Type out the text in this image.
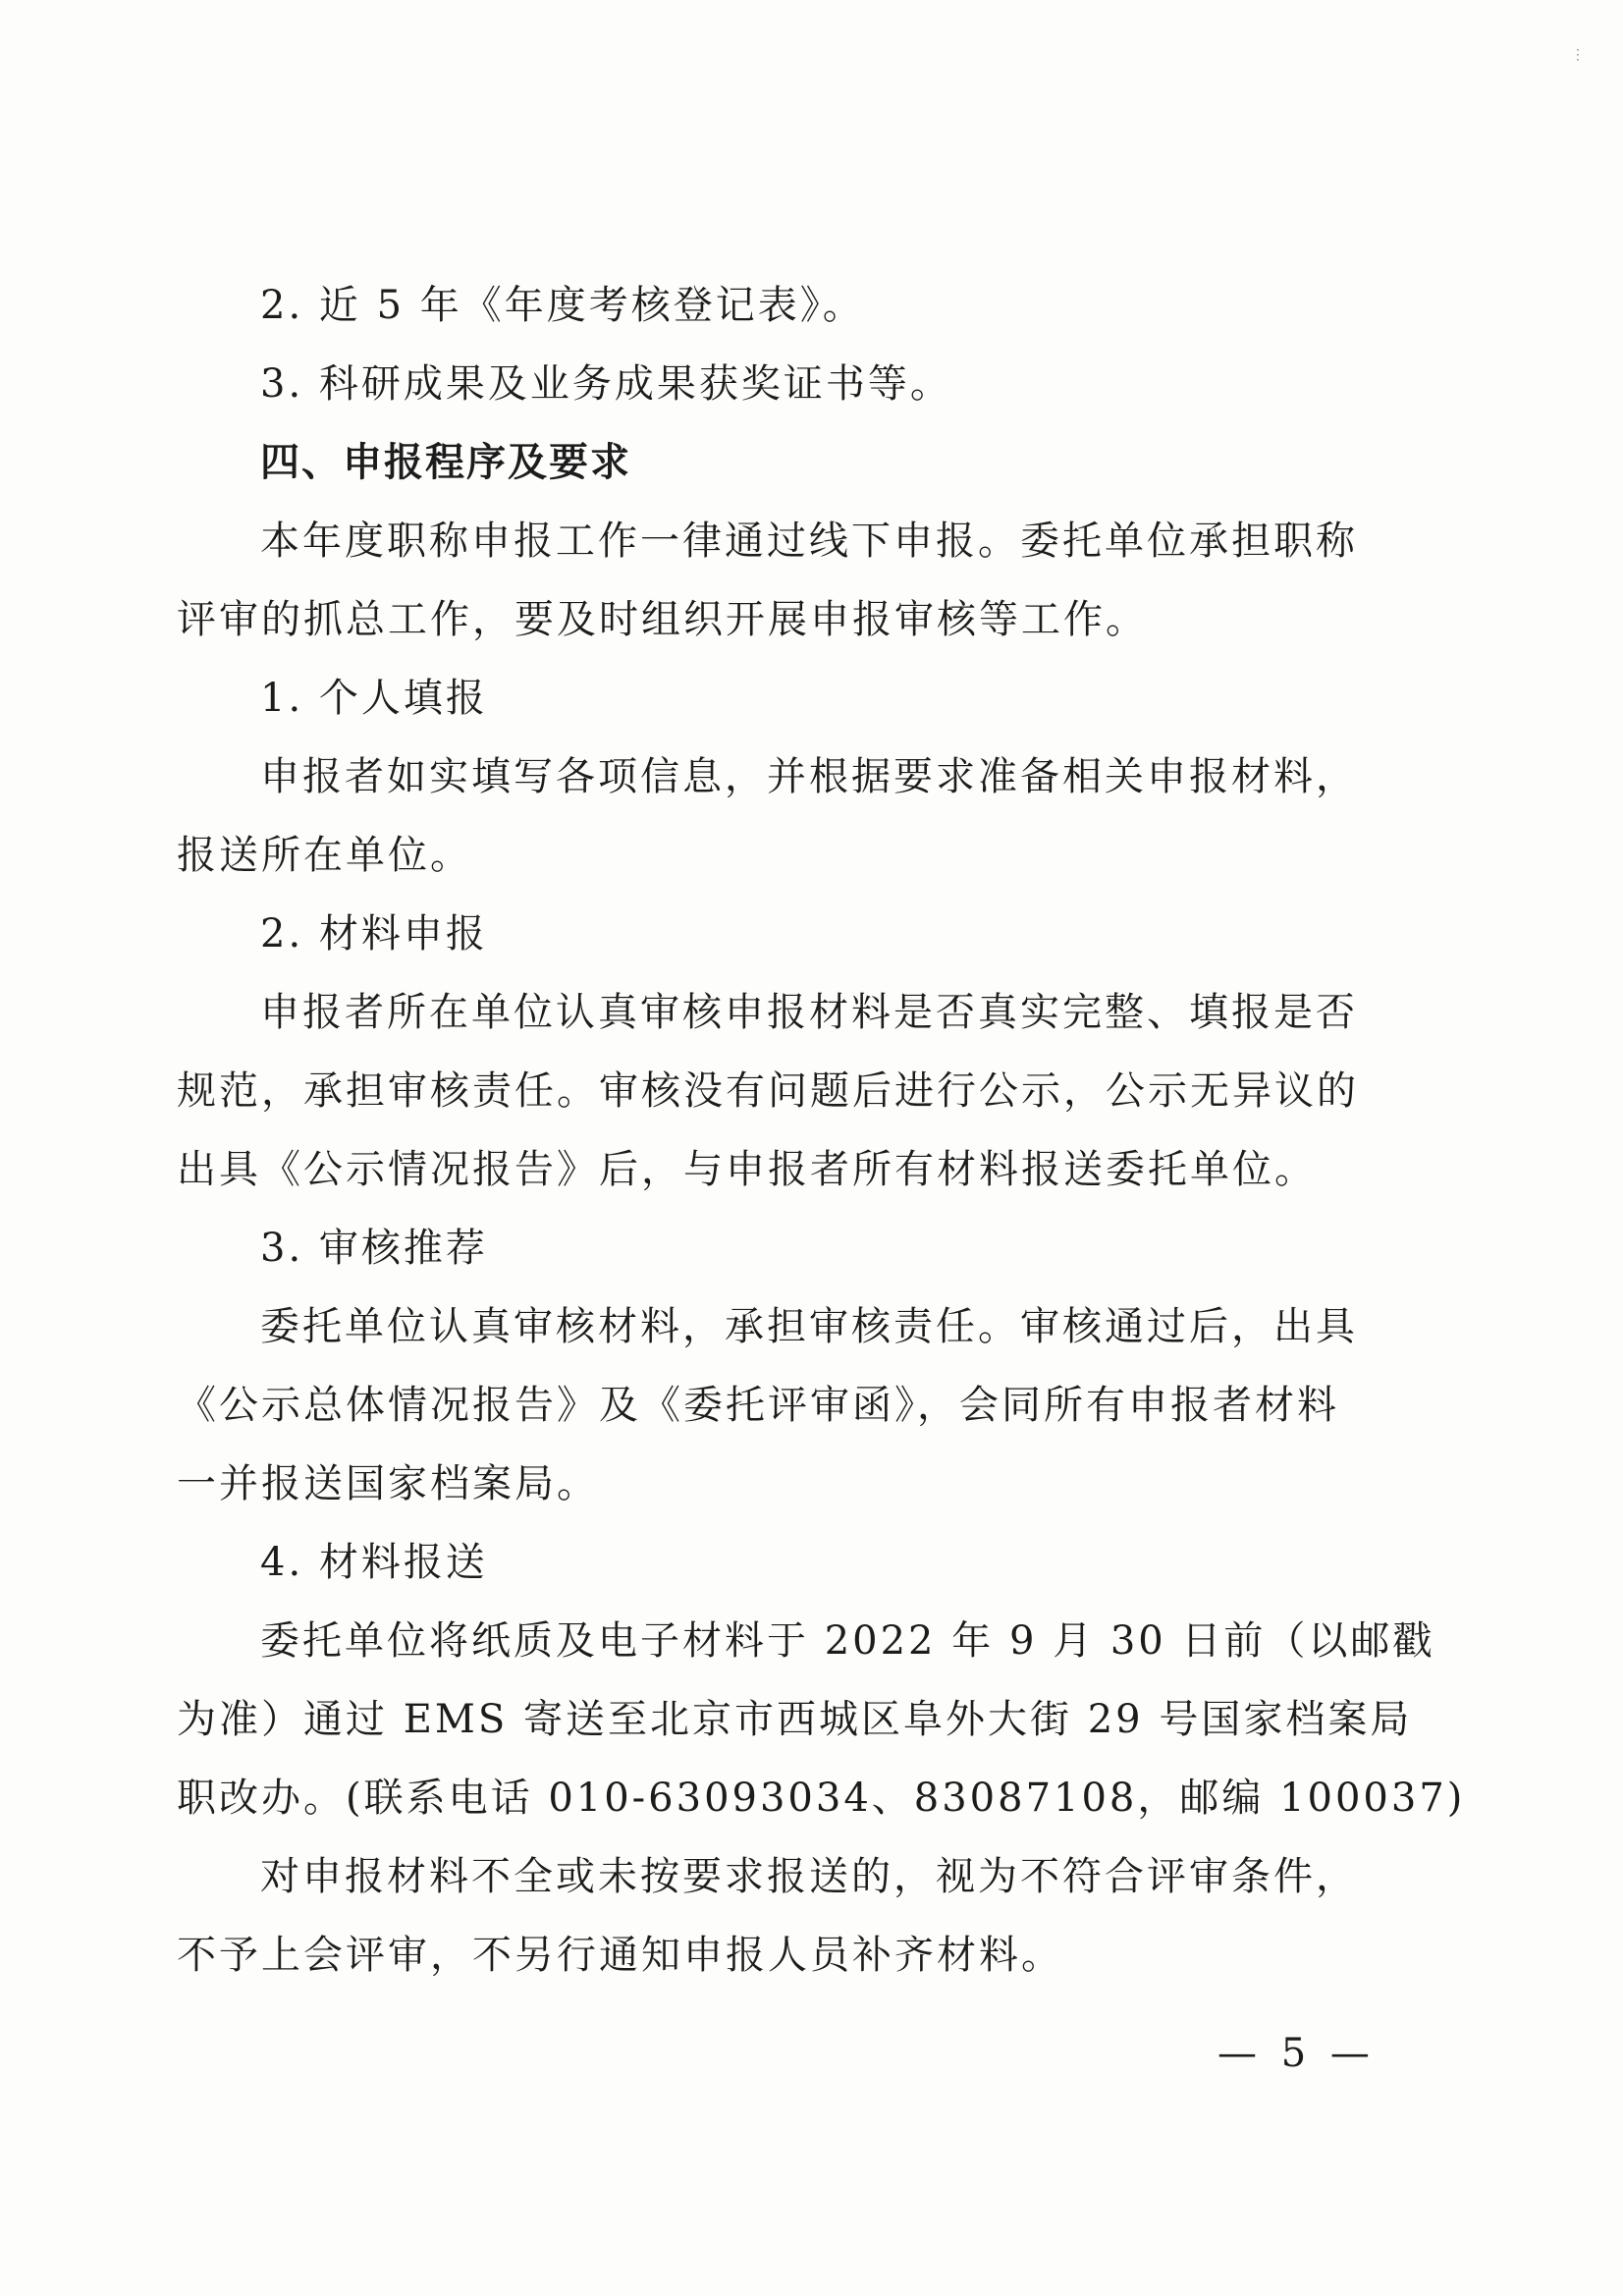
2. 近 5 年《年度考核登记表》。
3. 科研成果及业务成果获奖证书等。
四、申报程序及要求
本年度职称申报工作一律通过线下申报。委托单位承担职称
评审的抓总工作，要及时组织开展申报审核等工作。
1. 个人填报
申报者如实填写各项信息，并根据要求准备相关申报材料，
报送所在单位。
2. 材料申报
申报者所在单位认真审核申报材料是否真实完整、填报是否
规范，承担审核责任。审核没有问题后进行公示，公示无异议的
出具《公示情况报告》后，与申报者所有材料报送委托单位。
3. 审核推荐
委托单位认真审核材料，承担审核责任。审核通过后，出具
《公示总体情况报告》及《委托评审函》，会同所有申报者材料
一并报送国家档案局。
4. 材料报送
委托单位将纸质及电子材料于 2022 年 9 月 30 日前（以邮戳
为准）通过 EMS 寄送至北京市西城区阜外大街 29 号国家档案局
职改办。(联系电话 010-63093034、83087108，邮编 100037)
对申报材料不全或未按要求报送的，视为不符合评审条件，
不予上会评审，不另行通知申报人员补齐材料。
— 5 —
⋮
